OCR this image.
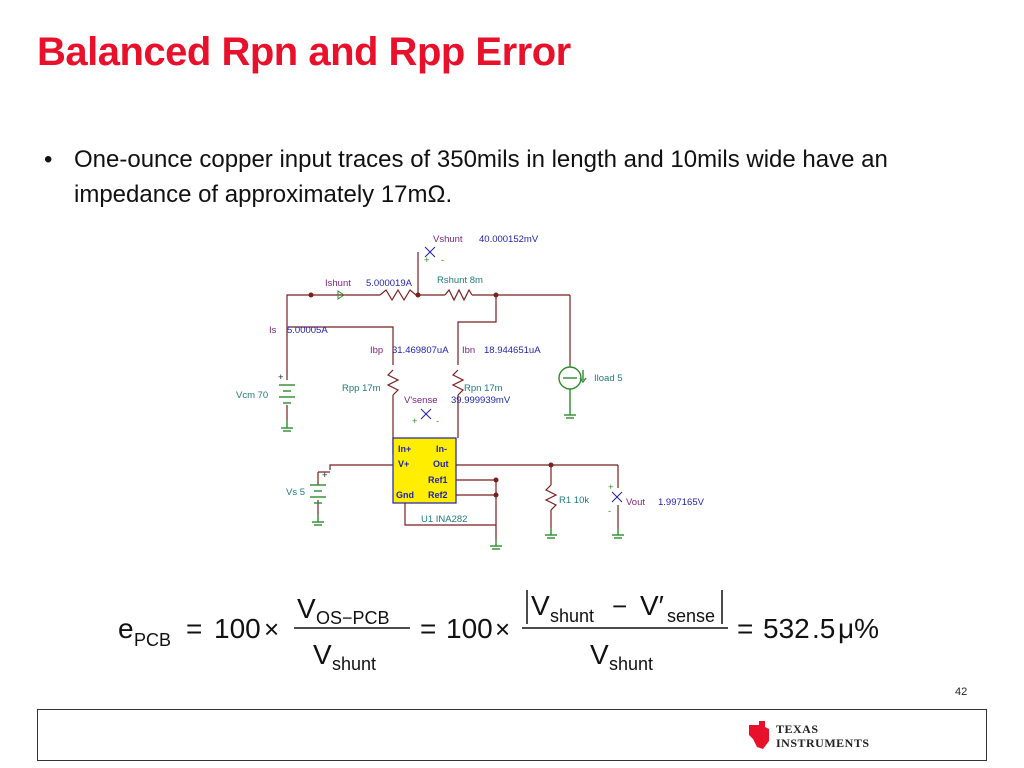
Balanced Rpn and Rpp Error
• One-ounce copper input traces of 350mils in length and 10mils wide have an impedance of approximately 17mΩ.
In+	In-
V+	Out
Ref1
Gnd Ref2
Vshunt 40.000152mV
+ -
Ishunt 5.000019A	Rshunt 8m
Is 5.00005A
Ibp 31.469807uA Ibn 18.944651uA
Iload 5
+
Vcm 70
Rpp 17m	Rpn 17m
V'sense 39.999939mV
+ -
+
Vs 5
R1 10k
+
-
Vout 1.997165V
U1 INA282
e PCB = 100 ×
V OS−PCB
V shunt
= 100 ×
V shunt − V′ sense
V shunt
= 532 .5 μ%
42
TEXAS
INSTRUMENTS
